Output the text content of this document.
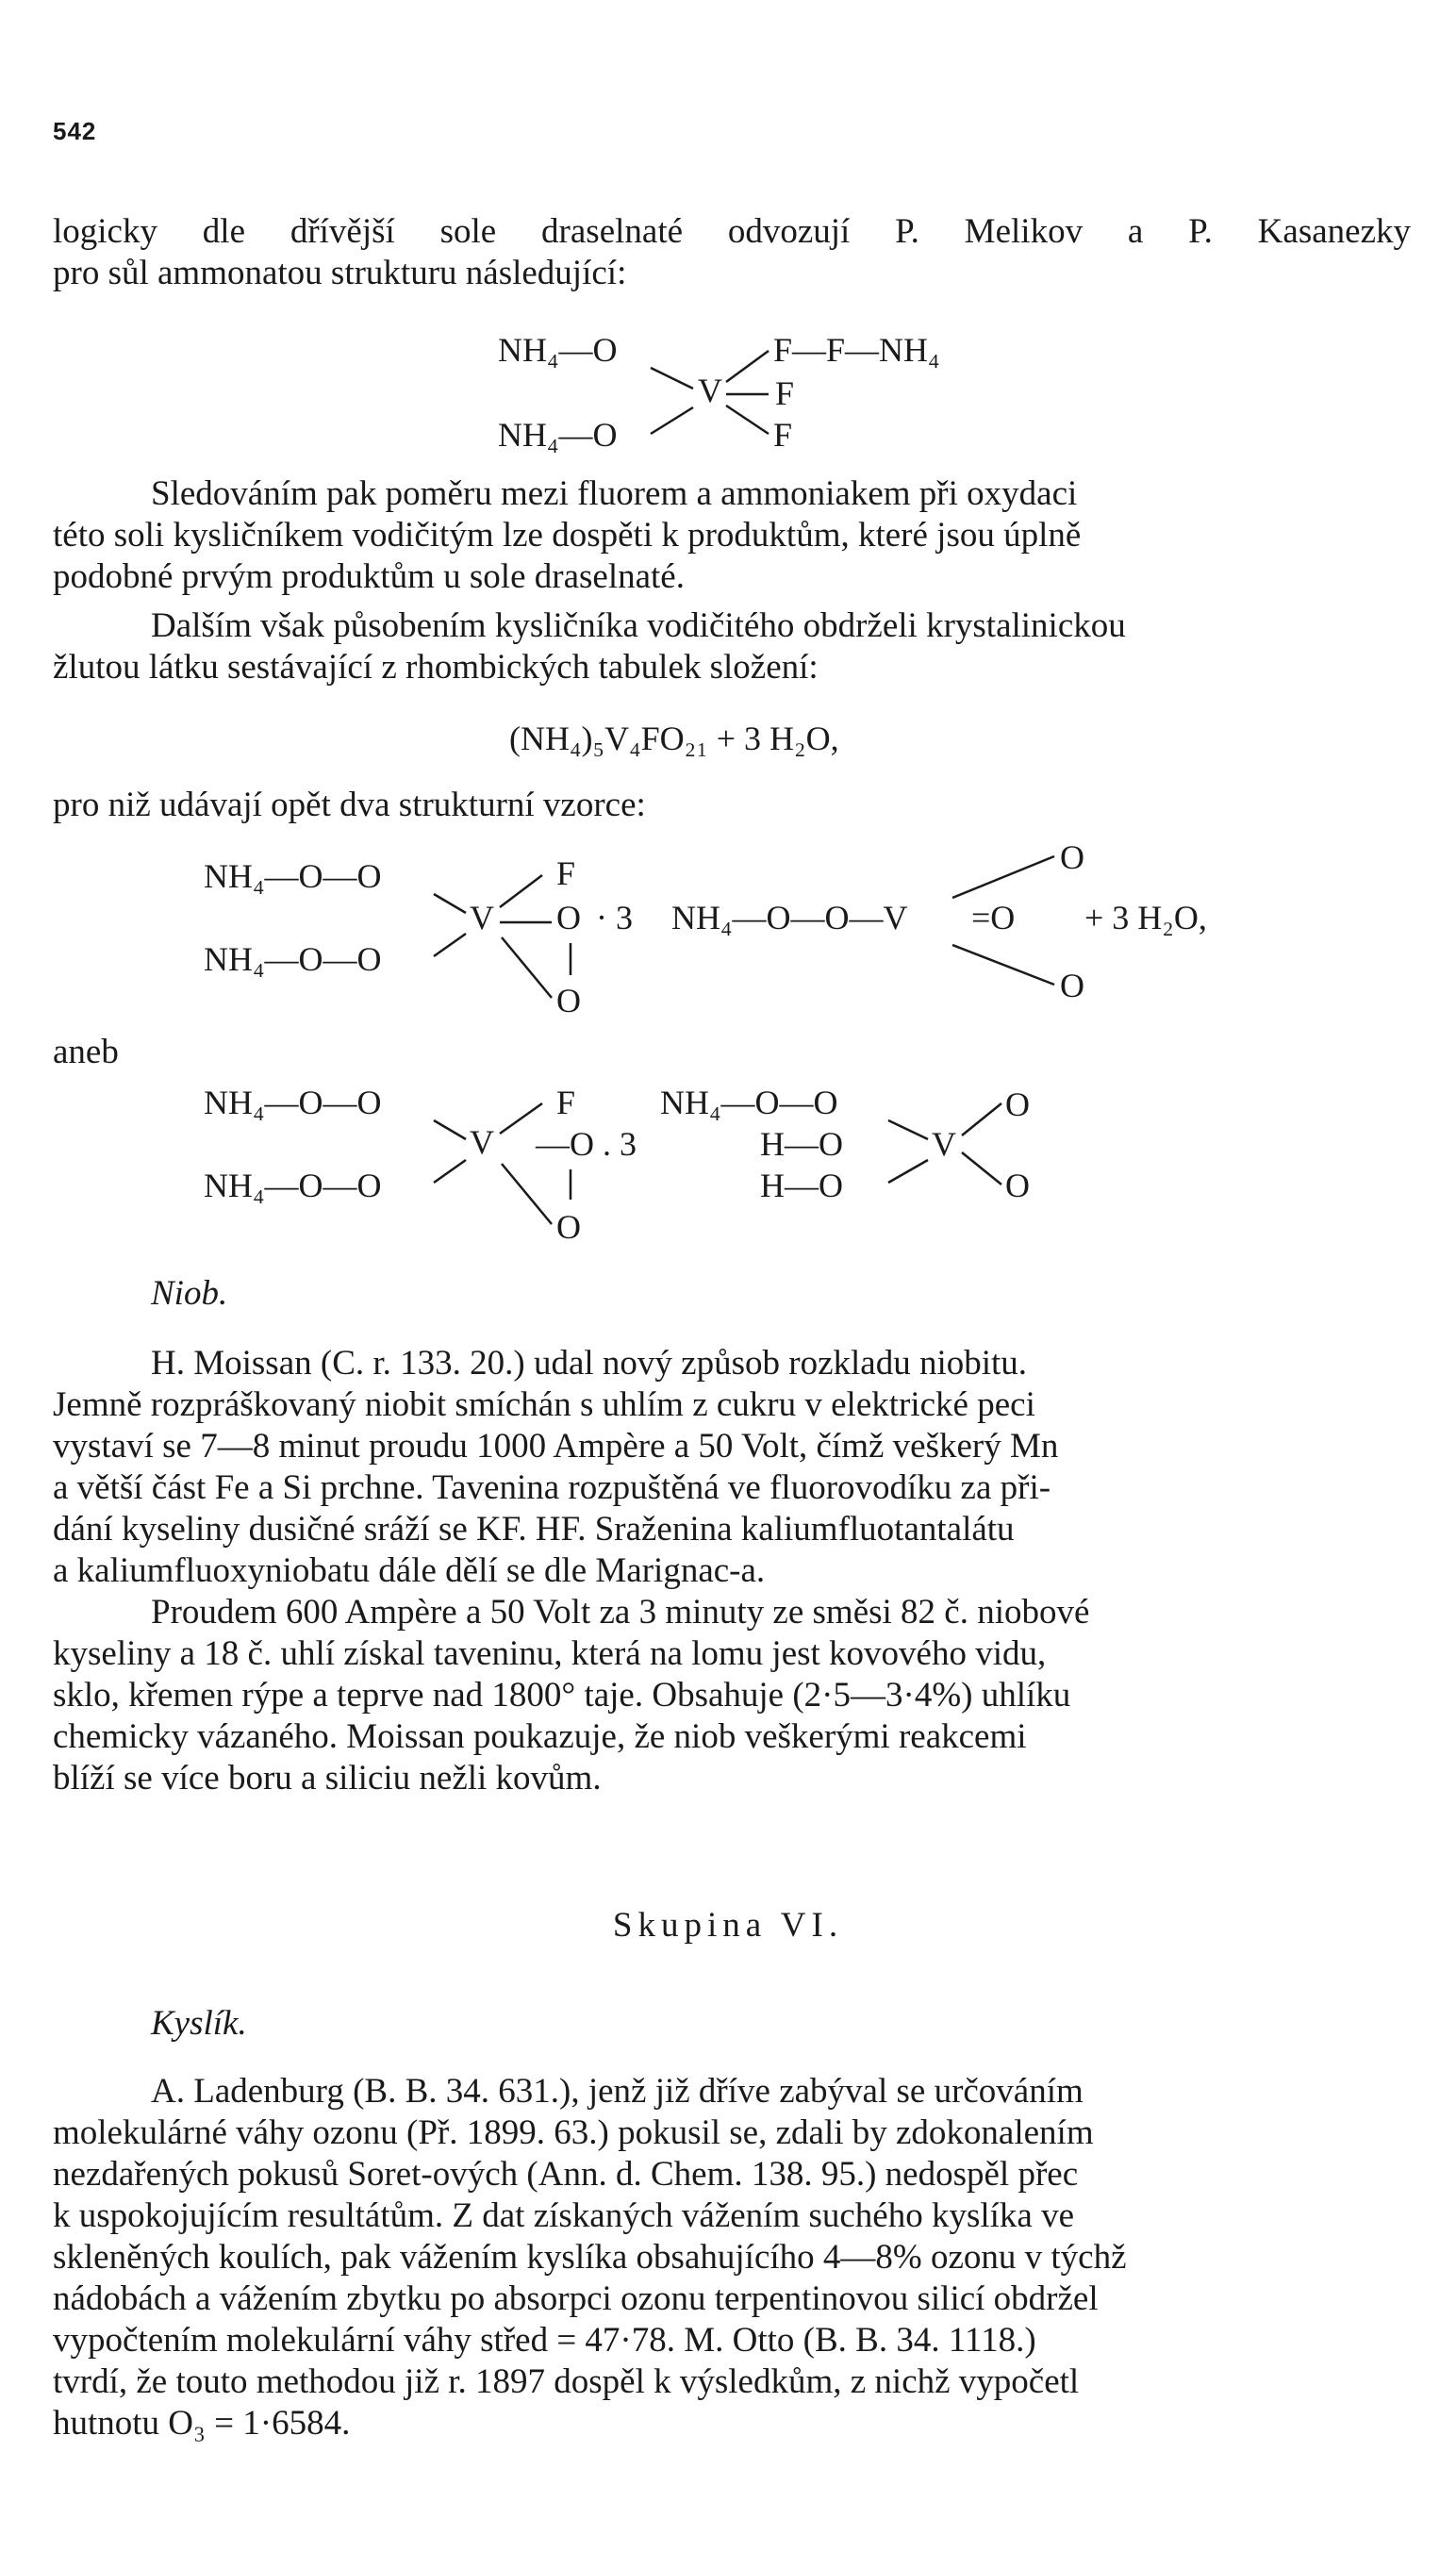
542
logicky dle dřívější sole draselnaté odvozují P. Melikov a P. Kasanezky
pro sůl ammonatou strukturu následující:
NH₄—O
NH₄—O
V
F—F—NH₄
F
F
Sledováním pak poměru mezi fluorem a ammoniakem při oxydaci
této soli kysličníkem vodičitým lze dospěti k produktům, které jsou úplně
podobné prvým produktům u sole draselnaté.
Dalším však působením kysličníka vodičitého obdrželi krystalinickou
žlutou látku sestávající z rhombických tabulek složení:
(NH₄)₅V₄FO₂₁ + 3 H₂O,
pro niž udávají opět dva strukturní vzorce:
NH₄—O—O
NH₄—O—O
V
F
O
O
· 3 NH₄—O—O—V
O
=O
O
+ 3 H₂O,
aneb
NH₄—O—O
NH₄—O—O
V
F
—O . 3
O
NH₄—O—O
H—O
H—O
V
O
O
Niob.
H. Moissan (C. r. 133. 20.) udal nový způsob rozkladu niobitu.
Jemně rozpráškovaný niobit smíchán s uhlím z cukru v elektrické peci
vystaví se 7—8 minut proudu 1000 Ampère a 50 Volt, čímž veškerý Mn
a větší část Fe a Si prchne. Tavenina rozpuštěná ve fluorovodíku za při-
dání kyseliny dusičné sráží se KF. HF. Sraženina kaliumfluotantalátu
a kaliumfluoxyniobatu dále dělí se dle Marignac-a.
Proudem 600 Ampère a 50 Volt za 3 minuty ze směsi 82 č. niobové
kyseliny a 18 č. uhlí získal taveninu, která na lomu jest kovového vidu,
sklo, křemen rýpe a teprve nad 1800° taje. Obsahuje (2·5—3·4%) uhlíku
chemicky vázaného. Moissan poukazuje, že niob veškerými reakcemi
blíží se více boru a siliciu nežli kovům.
Skupina VI.
Kyslík.
A. Ladenburg (B. B. 34. 631.), jenž již dříve zabýval se určováním
molekulárné váhy ozonu (Př. 1899. 63.) pokusil se, zdali by zdokonalením
nezdařených pokusů Soret-ových (Ann. d. Chem. 138. 95.) nedospěl přec
k uspokojujícím resultátům. Z dat získaných vážením suchého kyslíka ve
skleněných koulích, pak vážením kyslíka obsahujícího 4—8% ozonu v týchž
nádobách a vážením zbytku po absorpci ozonu terpentinovou silicí obdržel
vypočtením molekulární váhy střed = 47·78. M. Otto (B. B. 34. 1118.)
tvrdí, že touto methodou již r. 1897 dospěl k výsledkům, z nichž vypočetl
hutnotu O₃ = 1·6584.
